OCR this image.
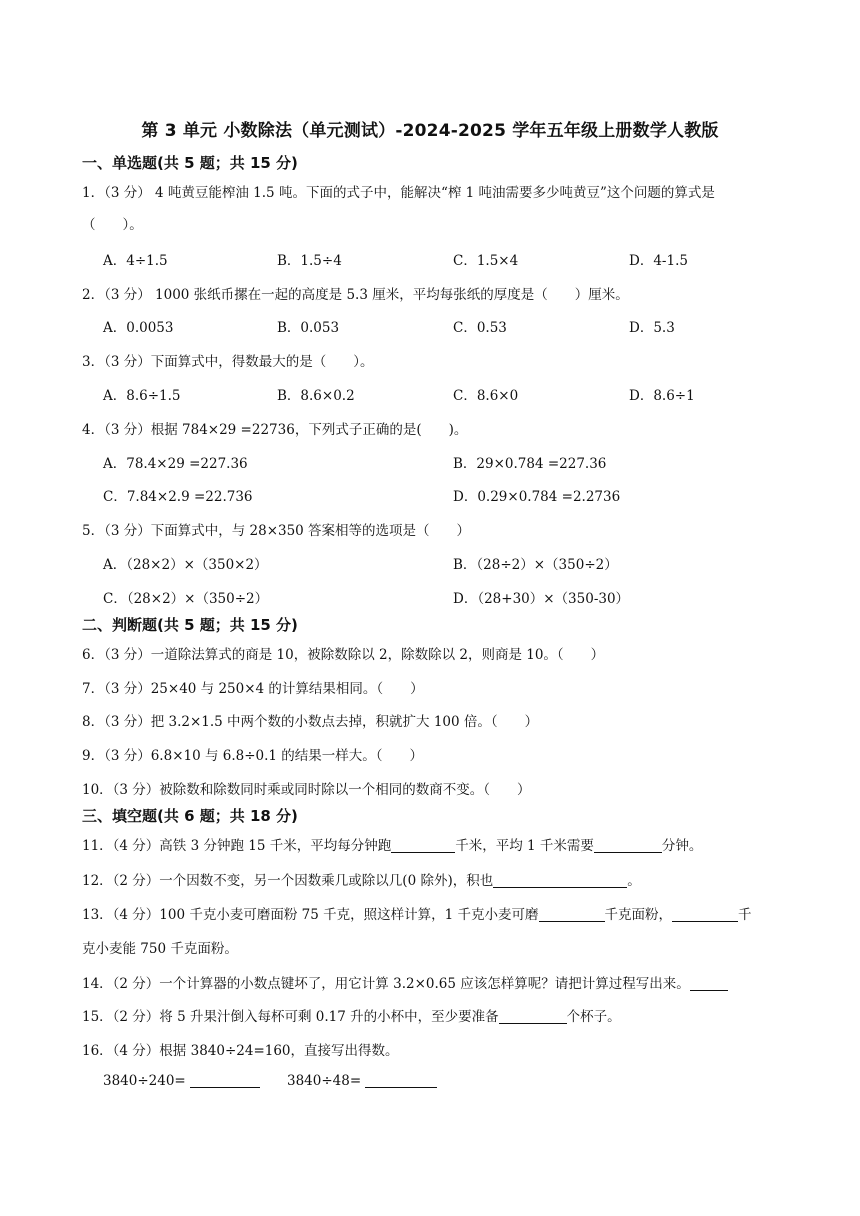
第 3 单元 小数除法（单元测试）-2024-2025 学年五年级上册数学人教版
一、单选题(共 5 题；共 15 分)
1．（3 分） 4 吨黄豆能榨油 1.5 吨。下面的式子中，能解决“榨 1 吨油需要多少吨黄豆”这个问题的算式是
（　　）。
A．4÷1.5	B．1.5÷4	C．1.5×4	D．4-1.5
2．（3 分） 1000 张纸币摞在一起的高度是 5.3 厘米，平均每张纸的厚度是（　　）厘米。
A．0.0053	B．0.053	C．0.53	D．5.3
3．（3 分）下面算式中，得数最大的是（　　）。
A．8.6÷1.5	B．8.6×0.2	C．8.6×0	D．8.6÷1
4．（3 分）根据 784×29 =22736，下列式子正确的是(　　)。
A．78.4×29 =227.36	B．29×0.784 =227.36
C．7.84×2.9 =22.736	D．0.29×0.784 =2.2736
5．（3 分）下面算式中，与 28×350 答案相等的选项是（　　）
A．（28×2）×（350×2）	B．（28÷2）×（350÷2）
C．（28×2）×（350÷2）	D．（28+30）×（350-30）
二、判断题(共 5 题；共 15 分)
6．（3 分）一道除法算式的商是 10，被除数除以 2，除数除以 2，则商是 10。（　　）
7．（3 分）25×40 与 250×4 的计算结果相同。（　　）
8．（3 分）把 3.2×1.5 中两个数的小数点去掉，积就扩大 100 倍。（　　）
9．（3 分）6.8×10 与 6.8÷0.1 的结果一样大。（　　）
10．（3 分）被除数和除数同时乘或同时除以一个相同的数商不变。（　　）
三、填空题(共 6 题；共 18 分)
11．（4 分）高铁 3 分钟跑 15 千米，平均每分钟跑	千米，平均 1 千米需要	分钟。
12．（2 分）一个因数不变，另一个因数乘几或除以几(0 除外)，积也	。
13．（4 分）100 千克小麦可磨面粉 75 千克，照这样计算，1 千克小麦可磨	千克面粉，	千
克小麦能 750 千克面粉。
14．（2 分）一个计算器的小数点键坏了，用它计算 3.2×0.65 应该怎样算呢？请把计算过程写出来。
15．（2 分）将 5 升果汁倒入每杯可剩 0.17 升的小杯中，至少要准备	个杯子。
16．（4 分）根据 3840÷24=160，直接写出得数。
3840÷240=	3840÷48=
